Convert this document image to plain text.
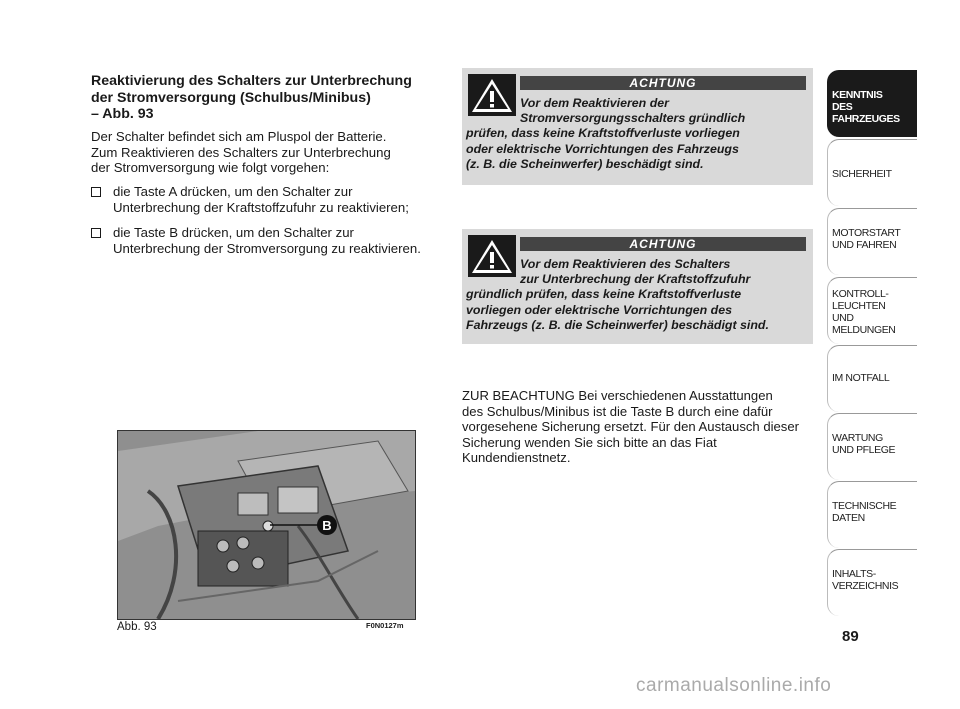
Reaktivierung des Schalters zur Unterbrechung
der Stromversorgung (Schulbus/Minibus)
– Abb. 93
Der Schalter befindet sich am Pluspol der Batterie.
Zum Reaktivieren des Schalters zur Unterbrechung
der Stromversorgung wie folgt vorgehen:
die Taste A drücken, um den Schalter zur
Unterbrechung der Kraftstoffzufuhr zu reaktivieren;
die Taste B drücken, um den Schalter zur
Unterbrechung der Stromversorgung zu reaktivieren.
B
Abb. 93	F0N0127m
ACHTUNG
Vor dem Reaktivieren der
Stromversorgungsschalters gründlich
prüfen, dass keine Kraftstoffverluste vorliegen
oder elektrische Vorrichtungen des Fahrzeugs
(z. B. die Scheinwerfer) beschädigt sind.
ACHTUNG
Vor dem Reaktivieren des Schalters
zur Unterbrechung der Kraftstoffzufuhr
gründlich prüfen, dass keine Kraftstoffverluste
vorliegen oder elektrische Vorrichtungen des
Fahrzeugs (z. B. die Scheinwerfer) beschädigt sind.
ZUR BEACHTUNG Bei verschiedenen Ausstattungen
des Schulbus/Minibus ist die Taste B durch eine dafür
vorgesehene Sicherung ersetzt. Für den Austausch dieser
Sicherung wenden Sie sich bitte an das Fiat
Kundendienstnetz.
KENNTNIS
DES FAHRZEUGES
SICHERHEIT
MOTORSTART
UND FAHREN
KONTROLL-
LEUCHTEN
UND MELDUNGEN
IM NOTFALL
WARTUNG
UND PFLEGE
TECHNISCHE
DATEN
INHALTS-
VERZEICHNIS
89
carmanualsonline.info
